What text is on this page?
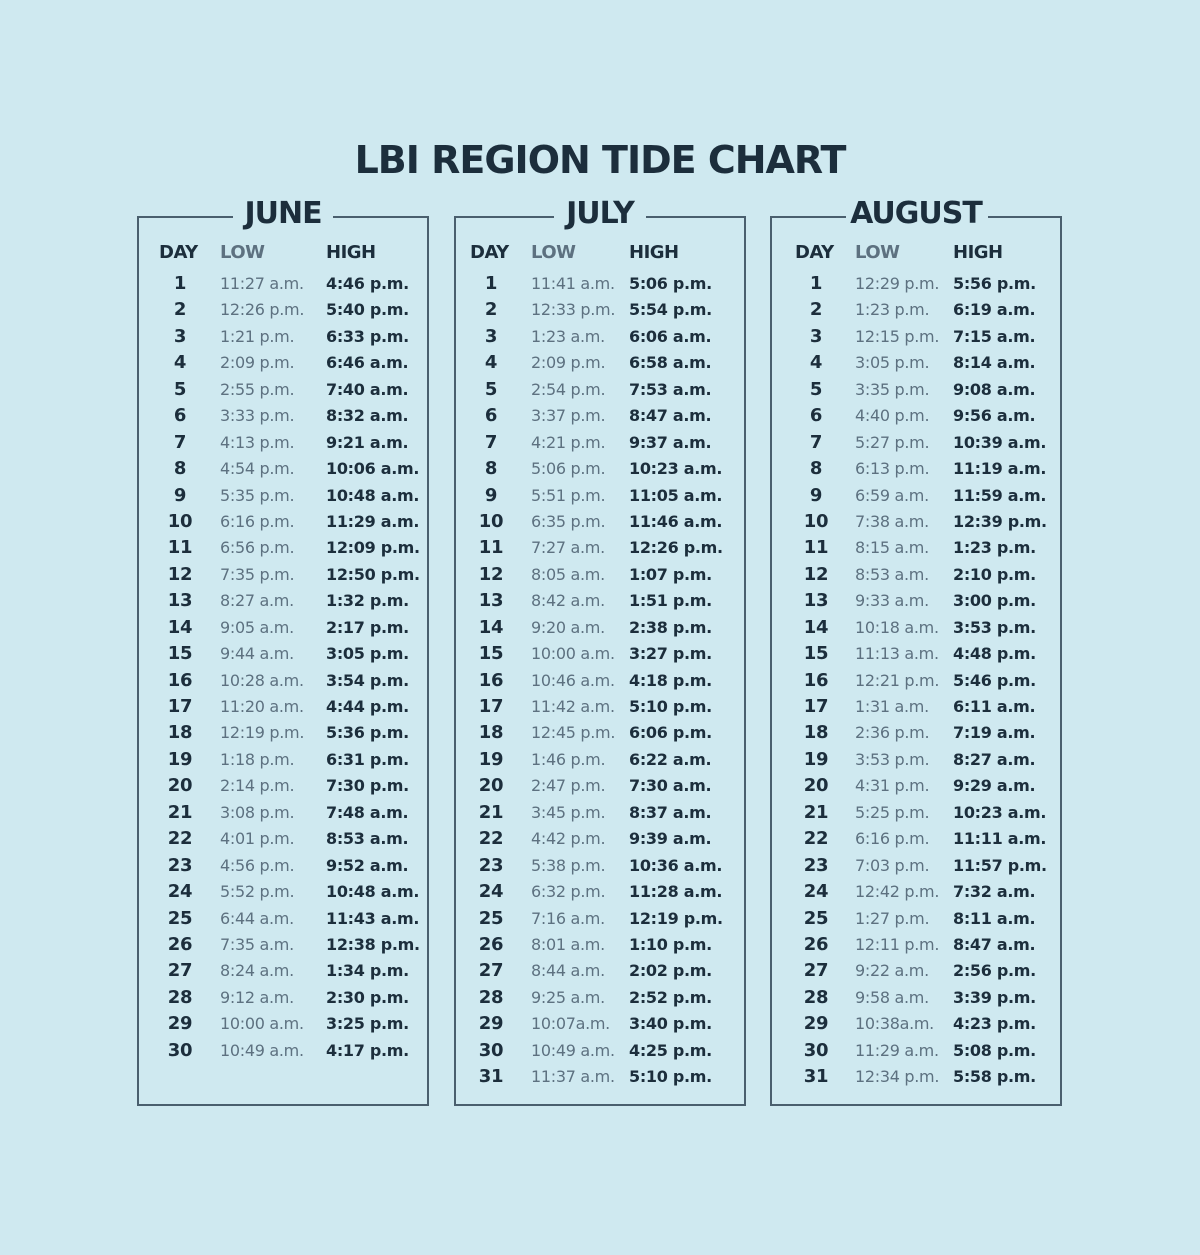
LBI REGION TIDE CHART
JUNE
DAY LOW	HIGH
1	11:27 a.m. 4:46 p.m.
2	12:26 p.m. 5:40 p.m.
3	1:21 p.m. 6:33 p.m.
4	2:09 p.m. 6:46 a.m.
5	2:55 p.m. 7:40 a.m.
6	3:33 p.m. 8:32 a.m.
7	4:13 p.m. 9:21 a.m.
8	4:54 p.m. 10:06 a.m.
9	5:35 p.m. 10:48 a.m.
10 6:16 p.m. 11:29 a.m.
11 6:56 p.m. 12:09 p.m.
12 7:35 p.m. 12:50 p.m.
13 8:27 a.m. 1:32 p.m.
14 9:05 a.m. 2:17 p.m.
15 9:44 a.m. 3:05 p.m.
16 10:28 a.m. 3:54 p.m.
17 11:20 a.m. 4:44 p.m.
18 12:19 p.m. 5:36 p.m.
19 1:18 p.m. 6:31 p.m.
20 2:14 p.m. 7:30 p.m.
21 3:08 p.m. 7:48 a.m.
22 4:01 p.m. 8:53 a.m.
23 4:56 p.m. 9:52 a.m.
24 5:52 p.m. 10:48 a.m.
25 6:44 a.m. 11:43 a.m.
26 7:35 a.m. 12:38 p.m.
27 8:24 a.m. 1:34 p.m.
28 9:12 a.m. 2:30 p.m.
29 10:00 a.m. 3:25 p.m.
30 10:49 a.m. 4:17 p.m.
JULY
DAY LOW	HIGH
1	11:41 a.m. 5:06 p.m.
2	12:33 p.m. 5:54 p.m.
3	1:23 a.m. 6:06 a.m.
4	2:09 p.m. 6:58 a.m.
5	2:54 p.m. 7:53 a.m.
6	3:37 p.m. 8:47 a.m.
7	4:21 p.m. 9:37 a.m.
8	5:06 p.m. 10:23 a.m.
9	5:51 p.m. 11:05 a.m.
10 6:35 p.m. 11:46 a.m.
11 7:27 a.m. 12:26 p.m.
12 8:05 a.m. 1:07 p.m.
13 8:42 a.m. 1:51 p.m.
14 9:20 a.m. 2:38 p.m.
15 10:00 a.m. 3:27 p.m.
16 10:46 a.m. 4:18 p.m.
17 11:42 a.m. 5:10 p.m.
18 12:45 p.m. 6:06 p.m.
19 1:46 p.m. 6:22 a.m.
20 2:47 p.m. 7:30 a.m.
21 3:45 p.m. 8:37 a.m.
22 4:42 p.m. 9:39 a.m.
23 5:38 p.m. 10:36 a.m.
24 6:32 p.m. 11:28 a.m.
25 7:16 a.m. 12:19 p.m.
26 8:01 a.m. 1:10 p.m.
27 8:44 a.m. 2:02 p.m.
28 9:25 a.m. 2:52 p.m.
29 10:07a.m. 3:40 p.m.
30 10:49 a.m. 4:25 p.m.
31 11:37 a.m. 5:10 p.m.
AUGUST
DAY LOW	HIGH
1	12:29 p.m. 5:56 p.m.
2	1:23 p.m. 6:19 a.m.
3	12:15 p.m. 7:15 a.m.
4	3:05 p.m. 8:14 a.m.
5	3:35 p.m. 9:08 a.m.
6	4:40 p.m. 9:56 a.m.
7	5:27 p.m. 10:39 a.m.
8	6:13 p.m. 11:19 a.m.
9	6:59 a.m. 11:59 a.m.
10 7:38 a.m. 12:39 p.m.
11 8:15 a.m. 1:23 p.m.
12 8:53 a.m. 2:10 p.m.
13 9:33 a.m. 3:00 p.m.
14 10:18 a.m. 3:53 p.m.
15 11:13 a.m. 4:48 p.m.
16 12:21 p.m. 5:46 p.m.
17 1:31 a.m. 6:11 a.m.
18 2:36 p.m. 7:19 a.m.
19 3:53 p.m. 8:27 a.m.
20 4:31 p.m. 9:29 a.m.
21 5:25 p.m. 10:23 a.m.
22 6:16 p.m. 11:11 a.m.
23 7:03 p.m. 11:57 p.m.
24 12:42 p.m. 7:32 a.m.
25 1:27 p.m. 8:11 a.m.
26 12:11 p.m. 8:47 a.m.
27 9:22 a.m. 2:56 p.m.
28 9:58 a.m. 3:39 p.m.
29 10:38a.m. 4:23 p.m.
30 11:29 a.m. 5:08 p.m.
31 12:34 p.m. 5:58 p.m.
